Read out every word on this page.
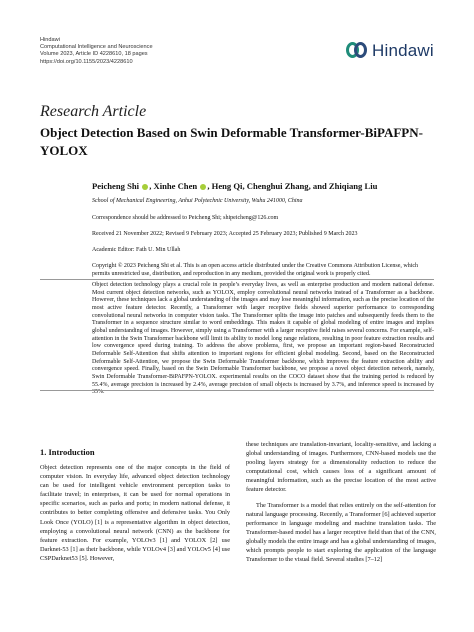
Hindawi
Computational Intelligence and Neuroscience
Volume 2023, Article ID 4228610, 18 pages
https://doi.org/10.1155/2023/4228610
Hindawi
Research Article
Object Detection Based on Swin Deformable Transformer-BiPAFPN-YOLOX
Peicheng Shi , Xinhe Chen , Heng Qi, Chenghui Zhang, and Zhiqiang Liu
School of Mechanical Engineering, Anhui Polytechnic University, Wuhu 241000, China
Correspondence should be addressed to Peicheng Shi; shipeicheng@126.com
Received 21 November 2022; Revised 9 February 2023; Accepted 25 February 2023; Published 9 March 2023
Academic Editor: Fath U. Min Ullah
Copyright © 2023 Peicheng Shi et al. This is an open access article distributed under the Creative Commons Attribution License, which permits unrestricted use, distribution, and reproduction in any medium, provided the original work is properly cited.
Object detection technology plays a crucial role in people’s everyday lives, as well as enterprise production and modern national defense. Most current object detection networks, such as YOLOX, employ convolutional neural networks instead of a Transformer as a backbone. However, these techniques lack a global understanding of the images and may lose meaningful information, such as the precise location of the most active feature detector. Recently, a Transformer with larger receptive fields showed superior performance to corresponding convolutional neural networks in computer vision tasks. The Transformer splits the image into patches and subsequently feeds them to the Transformer in a sequence structure similar to word embeddings. This makes it capable of global modeling of entire images and implies global understanding of images. However, simply using a Transformer with a larger receptive field raises several concerns. For example, self-attention in the Swin Transformer backbone will limit its ability to model long range relations, resulting in poor feature extraction results and low convergence speed during training. To address the above problems, first, we propose an important region-based Reconstructed Deformable Self-Attention that shifts attention to important regions for efficient global modeling. Second, based on the Reconstructed Deformable Self-Attention, we propose the Swin Deformable Transformer backbone, which improves the feature extraction ability and convergence speed. Finally, based on the Swin Deformable Transformer backbone, we propose a novel object detection network, namely, Swin Deformable Transformer-BiPAFPN-YOLOX. experimental results on the COCO dataset show that the training period is reduced by 55.4%, average precision is increased by 2.4%, average precision of small objects is increased by 3.7%, and inference speed is increased by 35%.
1. Introduction

Object detection represents one of the major concepts in the field of computer vision. In everyday life, advanced object detection technology can be used for intelligent vehicle environment perception tasks to facilitate travel; in enterprises, it can be used for normal operations in specific scenarios, such as parks and ports; in modern national defense, it contributes to better completing offensive and defensive tasks. You Only Look Once (YOLO) [1] is a representative algorithm in object detection, employing a convolutional neural network (CNN) as the backbone for feature extraction. For example, YOLOv3 [1] and YOLOX [2] use Darknet-53 [1] as their backbone, while YOLOv4 [3] and YOLOv5 [4] use CSPDarknet53 [5]. However,

these techniques are translation-invariant, locality-sensitive, and lacking a global understanding of images. Furthermore, CNN-based models use the pooling layers strategy for a dimensionality reduction to reduce the computational cost, which causes loss of a significant amount of meaningful information, such as the precise location of the most active feature detector.

The Transformer is a model that relies entirely on the self-attention for natural language processing. Recently, a Transformer [6] achieved superior performance in language modeling and machine translation tasks. The Transformer-based model has a larger receptive field than that of the CNN, globally models the entire image and has a global understanding of images, which prompts people to start exploring the application of the language Transformer to the visual field. Several studies [7–12]
